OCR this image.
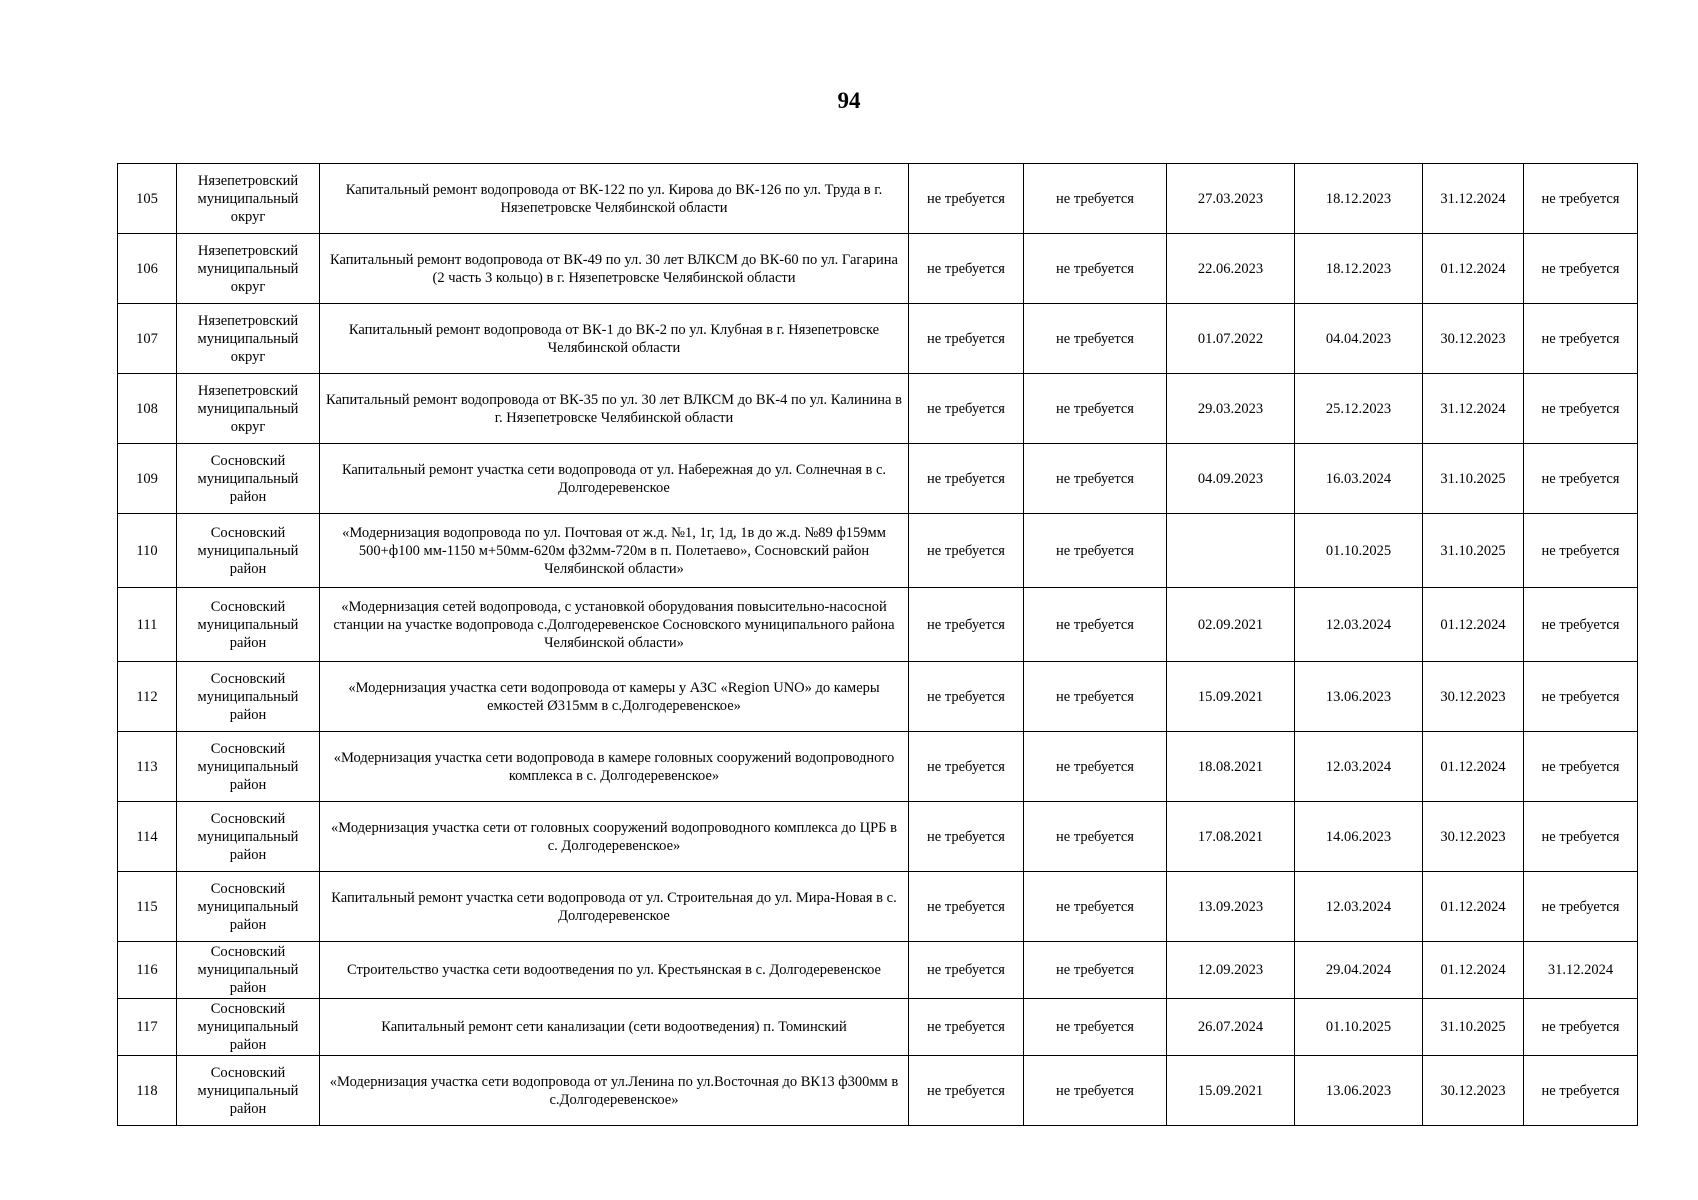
94
105	Нязепетровский муниципальный округ	Капитальный ремонт водопровода от ВК-122 по ул. Кирова до ВК-126 по ул. Труда в г. Нязепетровске Челябинской области	не требуется	не требуется	27.03.2023	18.12.2023	31.12.2024	не требуется
106	Нязепетровский муниципальный округ	Капитальный ремонт водопровода от ВК-49 по ул. 30 лет ВЛКСМ до ВК-60 по ул. Гагарина (2 часть 3 кольцо) в г. Нязепетровске Челябинской области	не требуется	не требуется	22.06.2023	18.12.2023	01.12.2024	не требуется
107	Нязепетровский муниципальный округ	Капитальный ремонт водопровода от ВК-1 до ВК-2 по ул. Клубная в г. Нязепетровске Челябинской области	не требуется	не требуется	01.07.2022	04.04.2023	30.12.2023	не требуется
108	Нязепетровский муниципальный округ	Капитальный ремонт водопровода от ВК-35 по ул. 30 лет ВЛКСМ до ВК-4 по ул. Калинина в г. Нязепетровске Челябинской области	не требуется	не требуется	29.03.2023	25.12.2023	31.12.2024	не требуется
109	Сосновский муниципальный район	Капитальный ремонт участка сети водопровода от ул. Набережная до ул. Солнечная в с. Долгодеревенское	не требуется	не требуется	04.09.2023	16.03.2024	31.10.2025	не требуется
110	Сосновский муниципальный район	«Модернизация водопровода по ул. Почтовая от ж.д. №1, 1г, 1д, 1в до ж.д. №89 ф159мм 500+ф100 мм-1150 м+50мм-620м ф32мм-720м в п. Полетаево», Сосновский район Челябинской области»	не требуется	не требуется		01.10.2025	31.10.2025	не требуется
111	Сосновский муниципальный район	«Модернизация сетей водопровода, с установкой оборудования повысительно-насосной станции на участке водопровода с.Долгодеревенское Сосновского муниципального района Челябинской области»	не требуется	не требуется	02.09.2021	12.03.2024	01.12.2024	не требуется
112	Сосновский муниципальный район	«Модернизация участка сети водопровода от камеры у АЗС «Region UNO» до камеры емкостей Ø315мм в с.Долгодеревенское»	не требуется	не требуется	15.09.2021	13.06.2023	30.12.2023	не требуется
113	Сосновский муниципальный район	«Модернизация участка сети водопровода в камере головных сооружений водопроводного комплекса в с. Долгодеревенское»	не требуется	не требуется	18.08.2021	12.03.2024	01.12.2024	не требуется
114	Сосновский муниципальный район	«Модернизация участка сети от головных сооружений водопроводного комплекса до ЦРБ в с. Долгодеревенское»	не требуется	не требуется	17.08.2021	14.06.2023	30.12.2023	не требуется
115	Сосновский муниципальный район	Капитальный ремонт участка сети водопровода от ул. Строительная до ул. Мира-Новая в с. Долгодеревенское	не требуется	не требуется	13.09.2023	12.03.2024	01.12.2024	не требуется
116	Сосновский муниципальный район	Строительство участка сети водоотведения по ул. Крестьянская в с. Долгодеревенское	не требуется	не требуется	12.09.2023	29.04.2024	01.12.2024	31.12.2024
117	Сосновский муниципальный район	Капитальный ремонт сети канализации (сети водоотведения) п. Томинский	не требуется	не требуется	26.07.2024	01.10.2025	31.10.2025	не требуется
118	Сосновский муниципальный район	«Модернизация участка сети водопровода от ул.Ленина по ул.Восточная до ВК13 ф300мм в с.Долгодеревенское»	не требуется	не требуется	15.09.2021	13.06.2023	30.12.2023	не требуется
